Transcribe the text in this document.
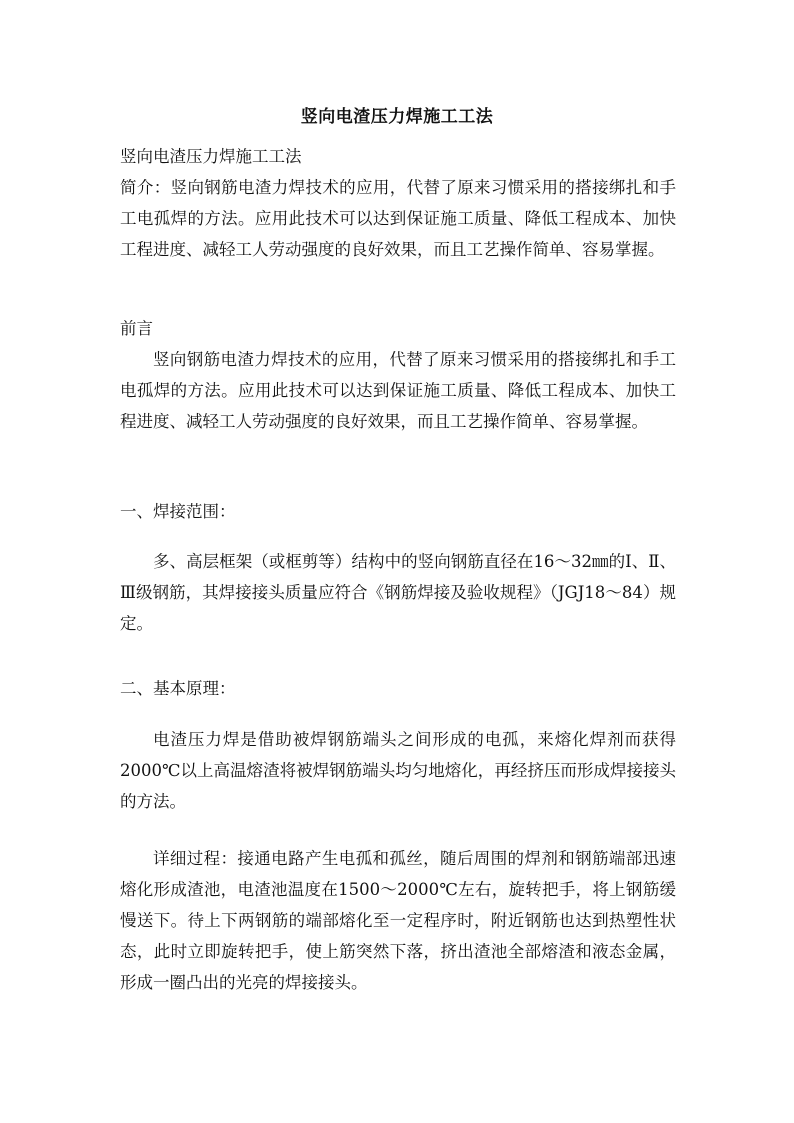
竖向电渣压力焊施工工法
竖向电渣压力焊施工工法

简介：竖向钢筋电渣力焊技术的应用，代替了原来习惯采用的搭接绑扎和手工电孤焊的方法。应用此技术可以达到保证施工质量、降低工程成本、加快工程进度、减轻工人劳动强度的良好效果，而且工艺操作简单、容易掌握。

前言

竖向钢筋电渣力焊技术的应用，代替了原来习惯采用的搭接绑扎和手工电孤焊的方法。应用此技术可以达到保证施工质量、降低工程成本、加快工程进度、减轻工人劳动强度的良好效果，而且工艺操作简单、容易掌握。

一、焊接范围：

多、高层框架（或框剪等）结构中的竖向钢筋直径在16～32㎜的Ⅰ、Ⅱ、Ⅲ级钢筋，其焊接接头质量应符合《钢筋焊接及验收规程》（JGJ18～84）规定。

二、基本原理：

电渣压力焊是借助被焊钢筋端头之间形成的电孤，来熔化焊剂而获得2000℃以上高温熔渣将被焊钢筋端头均匀地熔化，再经挤压而形成焊接接头的方法。

详细过程：接通电路产生电孤和孤丝，随后周围的焊剂和钢筋端部迅速熔化形成渣池，电渣池温度在1500～2000℃左右，旋转把手，将上钢筋缓慢送下。待上下两钢筋的端部熔化至一定程序时，附近钢筋也达到热塑性状态，此时立即旋转把手，使上筋突然下落，挤出渣池全部熔渣和液态金属，形成一圈凸出的光亮的焊接接头。
